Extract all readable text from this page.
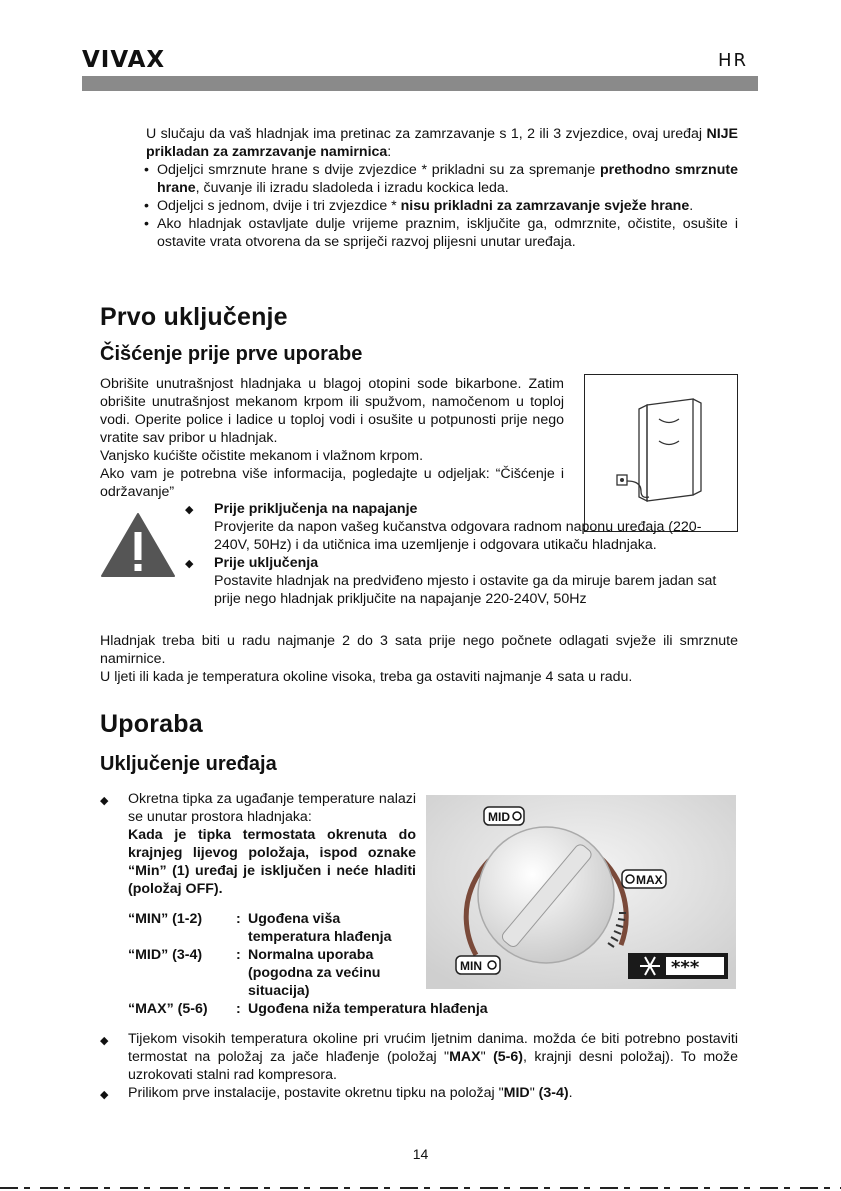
VIVAX	HR

U slučaju da vaš hladnjak ima pretinac za zamrzavanje s 1, 2 ili 3 zvjezdice, ovaj uređaj NIJE prikladan za zamrzavanje namirnica:

• Odjeljci smrznute hrane s dvije zvjezdice * prikladni su za spremanje prethodno smrznute hrane, čuvanje ili izradu sladoleda i izradu kockica leda.
• Odjeljci s jednom, dvije i tri zvjezdice * nisu prikladni za zamrzavanje svježe hrane.
• Ako hladnjak ostavljate dulje vrijeme praznim, isključite ga, odmrznite, očistite, osušite i ostavite vrata otvorena da se spriječi razvoj plijesni unutar uređaja.
Prvo uključenje
Čišćenje prije prve uporabe

Obrišite unutrašnjost hladnjaka u blagoj otopini sode bikarbone. Zatim obrišite unutrašnjost mekanom krpom ili spužvom, namočenom u toploj vodi. Operite police i ladice u toploj vodi i osušite u potpunosti prije nego vratite sav pribor u hladnjak.

Vanjsko kućište očistite mekanom i vlažnom krpom.

Ako vam je potrebna više informacija, pogledajte u odjeljak: “Čišćenje i održavanje”

◆ Prije priključenja na napajanje
Provjerite da napon vašeg kučanstva odgovara radnom naponu uređaja (220-240V, 50Hz) i da utičnica ima uzemljenje i odgovara utikaču hladnjaka.
◆ Prije uključenja
Postavite hladnjak na predviđeno mjesto i ostavite ga da miruje barem jadan sat prije nego hladnjak priključite na napajanje 220-240V, 50Hz

Hladnjak treba biti u radu najmanje 2 do 3 sata prije nego počnete odlagati svježe ili smrznute namirnice.

U ljeti ili kada je temperatura okoline visoka, treba ga ostaviti najmanje 4 sata u radu.

Uporaba
Uključenje uređaja
◆ Okretna tipka za ugađanje temperature nalazi se unutar prostora hladnjaka:
Kada je tipka termostata okrenuta do krajnjeg lijevog položaja, ispod oznake “Min” (1) uređaj je isključen i neće hladiti (položaj OFF).
“MIN” (1-2) : Ugođena viša temperatura hlađenja
“MID” (3-4) : Normalna uporaba (pogodna za većinu situacija)
“MAX” (5-6) : Ugođena niža temperatura hlađenja
MID
MAX
MIN	***
◆ Tijekom visokih temperatura okoline pri vrućim ljetnim danima. možda će biti potrebno postaviti termostat na položaj za jače hlađenje (položaj "MAX" (5-6), krajnji desni položaj). To može uzrokovati stalni rad kompresora.
◆ Prilikom prve instalacije, postavite okretnu tipku na položaj "MID" (3-4).
14
